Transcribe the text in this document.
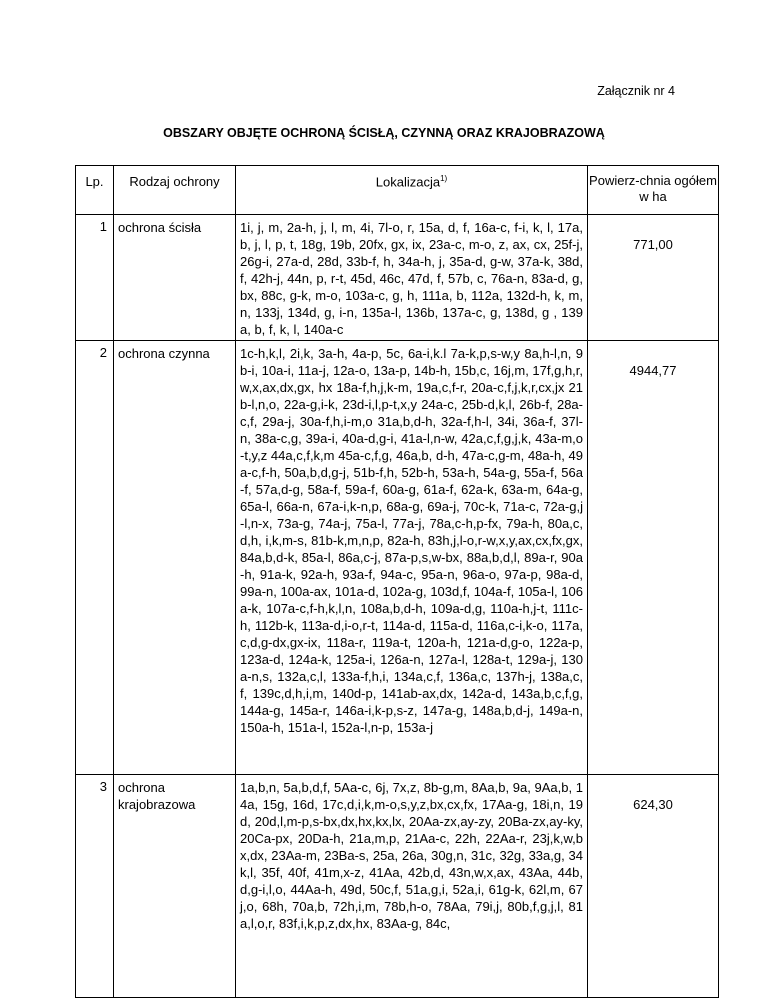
Załącznik nr 4
OBSZARY OBJĘTE OCHRONĄ ŚCISŁĄ, CZYNNĄ ORAZ KRAJOBRAZOWĄ
Lp.	Rodzaj ochrony	Lokalizacja$^{1)}$	Powierz-chnia ogółem w ha
1	ochrona ścisła	1i, j, m, 2a-h, j, l, m, 4i, 7l-o, r, 15a, d, f, 16a-c, f-i, k, l, 17a, b, j, l, p, t, 18g, 19b, 20fx, gx, ix, 23a-c, m-o, z, ax, cx, 25f-j, 26g-i, 27a-d, 28d, 33b-f, h, 34a-h, j, 35a-d, g-w, 37a-k, 38d, f, 42h-j, 44n, p, r-t, 45d, 46c, 47d, f, 57b, c, 76a-n, 83a-d, g, bx, 88c, g-k, m-o, 103a-c, g, h, 111a, b, 112a, 132d-h, k, m, n, 133j, 134d, g, i-n, 135a-l, 136b, 137a-c, g, 138d, g , 139a, b, f, k, l, 140a-c	771,00
2	ochrona czynna	1c-h,k,l, 2i,k, 3a-h, 4a-p, 5c, 6a-i,k.l 7a-k,p,s-w,y 8a,h-l,n, 9b-i, 10a-i, 11a-j, 12a-o, 13a-p, 14b-h, 15b,c, 16j,m, 17f,g,h,r,w,x,ax,dx,gx, hx 18a-f,h,j,k-m, 19a,c,f-r, 20a-c,f,j,k,r,cx,jx 21b-l,n,o, 22a-g,i-k, 23d-i,l,p-t,x,y 24a-c, 25b-d,k,l, 26b-f, 28a-c,f, 29a-j, 30a-f,h,i-m,o 31a,b,d-h, 32a-f,h-l, 34i, 36a-f, 37l-n, 38a-c,g, 39a-i, 40a-d,g-i, 41a-l,n-w, 42a,c,f,g,j,k, 43a-m,o-t,y,z 44a,c,f,k,m 45a-c,f,g, 46a,b, d-h, 47a-c,g-m, 48a-h, 49a-c,f-h, 50a,b,d,g-j, 51b-f,h, 52b-h, 53a-h, 54a-g, 55a-f, 56a-f, 57a,d-g, 58a-f, 59a-f, 60a-g, 61a-f, 62a-k, 63a-m, 64a-g, 65a-l, 66a-n, 67a-i,k-n,p, 68a-g, 69a-j, 70c-k, 71a-c, 72a-g,j-l,n-x, 73a-g, 74a-j, 75a-l, 77a-j, 78a,c-h,p-fx, 79a-h, 80a,c,d,h, i,k,m-s, 81b-k,m,n,p, 82a-h, 83h,j,l-o,r-w,x,y,ax,cx,fx,gx, 84a,b,d-k, 85a-l, 86a,c-j, 87a-p,s,w-bx, 88a,b,d,l, 89a-r, 90a-h, 91a-k, 92a-h, 93a-f, 94a-c, 95a-n, 96a-o, 97a-p, 98a-d, 99a-n, 100a-ax, 101a-d, 102a-g, 103d,f, 104a-f, 105a-l, 106a-k, 107a-c,f-h,k,l,n, 108a,b,d-h, 109a-d,g, 110a-h,j-t, 111c-h, 112b-k, 113a-d,i-o,r-t, 114a-d, 115a-d, 116a,c-i,k-o, 117a,c,d,g-dx,gx-ix, 118a-r, 119a-t, 120a-h, 121a-d,g-o, 122a-p, 123a-d, 124a-k, 125a-i, 126a-n, 127a-l, 128a-t, 129a-j, 130a-n,s, 132a,c,l, 133a-f,h,i, 134a,c,f, 136a,c, 137h-j, 138a,c,f, 139c,d,h,i,m, 140d-p, 141ab-ax,dx, 142a-d, 143a,b,c,f,g, 144a-g, 145a-r, 146a-i,k-p,s-z, 147a-g, 148a,b,d-j, 149a-n, 150a-h, 151a-l, 152a-l,n-p, 153a-j	4944,77
3	ochrona krajobrazowa	1a,b,n, 5a,b,d,f, 5Aa-c, 6j, 7x,z, 8b-g,m, 8Aa,b, 9a, 9Aa,b, 14a, 15g, 16d, 17c,d,i,k,m-o,s,y,z,bx,cx,fx, 17Aa-g, 18i,n, 19d, 20d,l,m-p,s-bx,dx,hx,kx,lx, 20Aa-zx,ay-zy, 20Ba-zx,ay-ky, 20Ca-px, 20Da-h, 21a,m,p, 21Aa-c, 22h, 22Aa-r, 23j,k,w,bx,dx, 23Aa-m, 23Ba-s, 25a, 26a, 30g,n, 31c, 32g, 33a,g, 34k,l, 35f, 40f, 41m,x-z, 41Aa, 42b,d, 43n,w,x,ax, 43Aa, 44b,d,g-i,l,o, 44Aa-h, 49d, 50c,f, 51a,g,i, 52a,i, 61g-k, 62l,m, 67j,o, 68h, 70a,b, 72h,i,m, 78b,h-o, 78Aa, 79i,j, 80b,f,g,j,l, 81a,l,o,r, 83f,i,k,p,z,dx,hx, 83Aa-g, 84c,	624,30
